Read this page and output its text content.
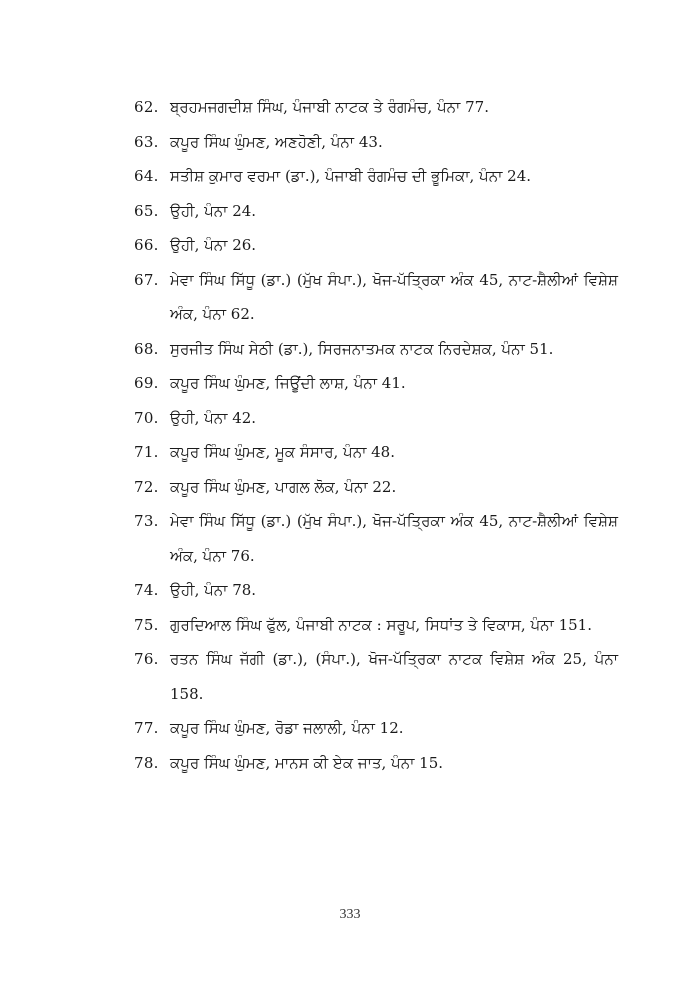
62. ਬ੍ਰਹਮਜਗਦੀਸ਼ ਸਿੰਘ, ਪੰਜਾਬੀ ਨਾਟਕ ਤੇ ਰੰਗਮੰਚ, ਪੰਨਾ 77.
63. ਕਪੂਰ ਸਿੰਘ ਘੁੰਮਣ, ਅਣਹੋਣੀ, ਪੰਨਾ 43.
64. ਸਤੀਸ਼ ਕੁਮਾਰ ਵਰਮਾ (ਡਾ.), ਪੰਜਾਬੀ ਰੰਗਮੰਚ ਦੀ ਭੂਮਿਕਾ, ਪੰਨਾ 24.
65. ਉਹੀ, ਪੰਨਾ 24.
66. ਉਹੀ, ਪੰਨਾ 26.
67. ਮੇਵਾ ਸਿੰਘ ਸਿੱਧੂ (ਡਾ.) (ਮੁੱਖ ਸੰਪਾ.), ਖੋਜ-ਪੱਤ੍ਰਿਕਾ ਅੰਕ 45, ਨਾਟ-ਸ਼ੈਲੀਆਂ ਵਿਸ਼ੇਸ਼ ਅੰਕ, ਪੰਨਾ 62.
68. ਸੁਰਜੀਤ ਸਿੰਘ ਸੇਠੀ (ਡਾ.), ਸਿਰਜਨਾਤਮਕ ਨਾਟਕ ਨਿਰਦੇਸ਼ਕ, ਪੰਨਾ 51.
69. ਕਪੂਰ ਸਿੰਘ ਘੁੰਮਣ, ਜਿਊਂਦੀ ਲਾਸ਼, ਪੰਨਾ 41.
70. ਉਹੀ, ਪੰਨਾ 42.
71. ਕਪੂਰ ਸਿੰਘ ਘੁੰਮਣ, ਮੂਕ ਸੰਸਾਰ, ਪੰਨਾ 48.
72. ਕਪੂਰ ਸਿੰਘ ਘੁੰਮਣ, ਪਾਗਲ ਲੋਕ, ਪੰਨਾ 22.
73. ਮੇਵਾ ਸਿੰਘ ਸਿੱਧੂ (ਡਾ.) (ਮੁੱਖ ਸੰਪਾ.), ਖੋਜ-ਪੱਤ੍ਰਿਕਾ ਅੰਕ 45, ਨਾਟ-ਸ਼ੈਲੀਆਂ ਵਿਸ਼ੇਸ਼ ਅੰਕ, ਪੰਨਾ 76.
74. ਉਹੀ, ਪੰਨਾ 78.
75. ਗੁਰਦਿਆਲ ਸਿੰਘ ਫੁੱਲ, ਪੰਜਾਬੀ ਨਾਟਕ : ਸਰੂਪ, ਸਿਧਾਂਤ ਤੇ ਵਿਕਾਸ, ਪੰਨਾ 151.
76. ਰਤਨ ਸਿੰਘ ਜੱਗੀ (ਡਾ.), (ਸੰਪਾ.), ਖੋਜ-ਪੱਤ੍ਰਿਕਾ ਨਾਟਕ ਵਿਸ਼ੇਸ਼ ਅੰਕ 25, ਪੰਨਾ 158.
77. ਕਪੂਰ ਸਿੰਘ ਘੁੰਮਣ, ਰੋਡਾ ਜਲਾਲੀ, ਪੰਨਾ 12.
78. ਕਪੂਰ ਸਿੰਘ ਘੁੰਮਣ, ਮਾਨਸ ਕੀ ਏਕ ਜਾਤ, ਪੰਨਾ 15.
333
